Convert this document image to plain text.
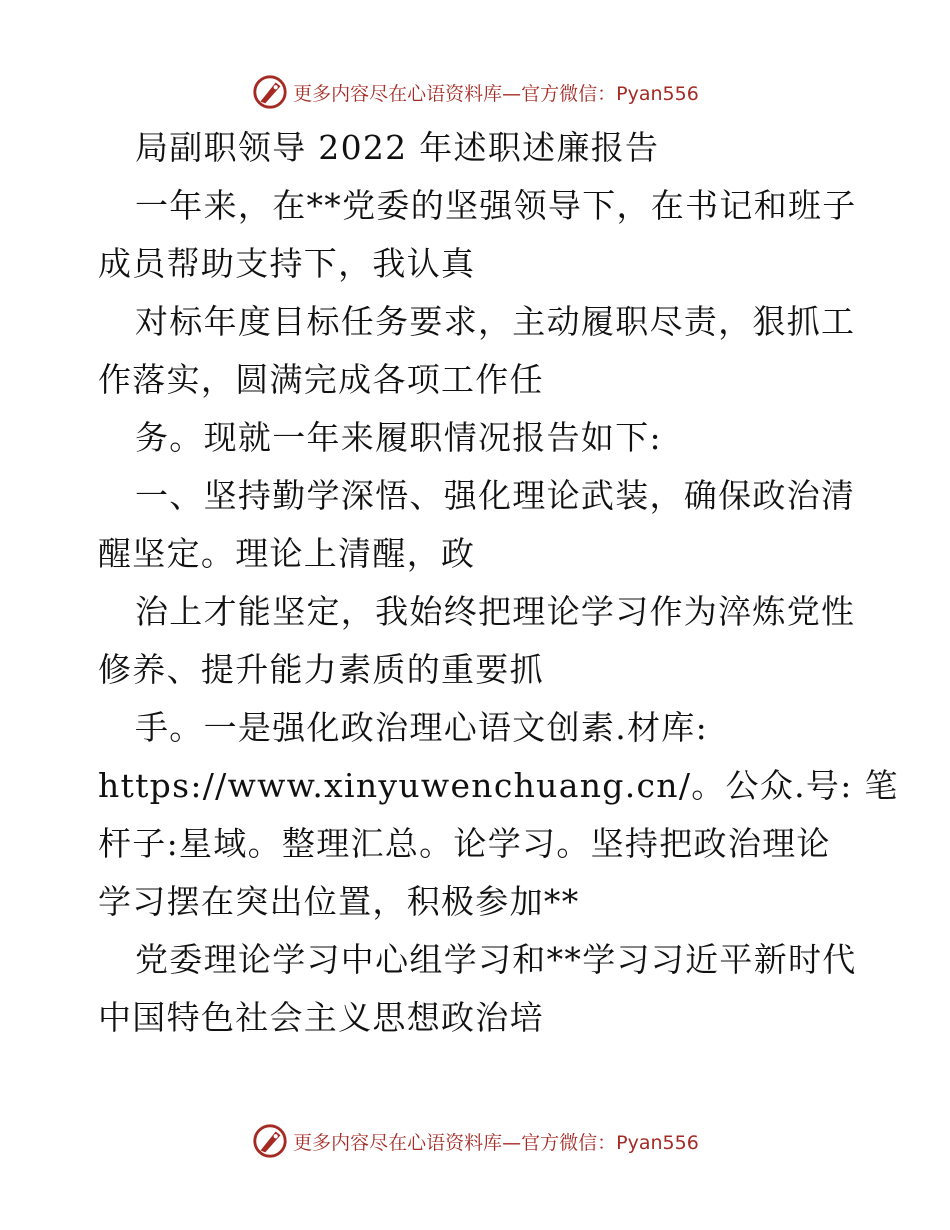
更多内容尽在心语资料库—官方微信：Pyan556
局副职领导 2022 年述职述廉报告
一年来，在**党委的坚强领导下，在书记和班子
成员帮助支持下，我认真
对标年度目标任务要求，主动履职尽责，狠抓工
作落实，圆满完成各项工作任
务。现就一年来履职情况报告如下:
一、坚持勤学深悟、强化理论武装，确保政治清
醒坚定。理论上清醒，政
治上才能坚定，我始终把理论学习作为淬炼党性
修养、提升能力素质的重要抓
手。一是强化政治理心语文创素.材库:
https://www.xinyuwenchuang.cn/。公众.号: 笔
杆子:星域。整理汇总。论学习。坚持把政治理论
学习摆在突出位置，积极参加**
党委理论学习中心组学习和**学习习近平新时代
中国特色社会主义思想政治培
更多内容尽在心语资料库—官方微信：Pyan556
